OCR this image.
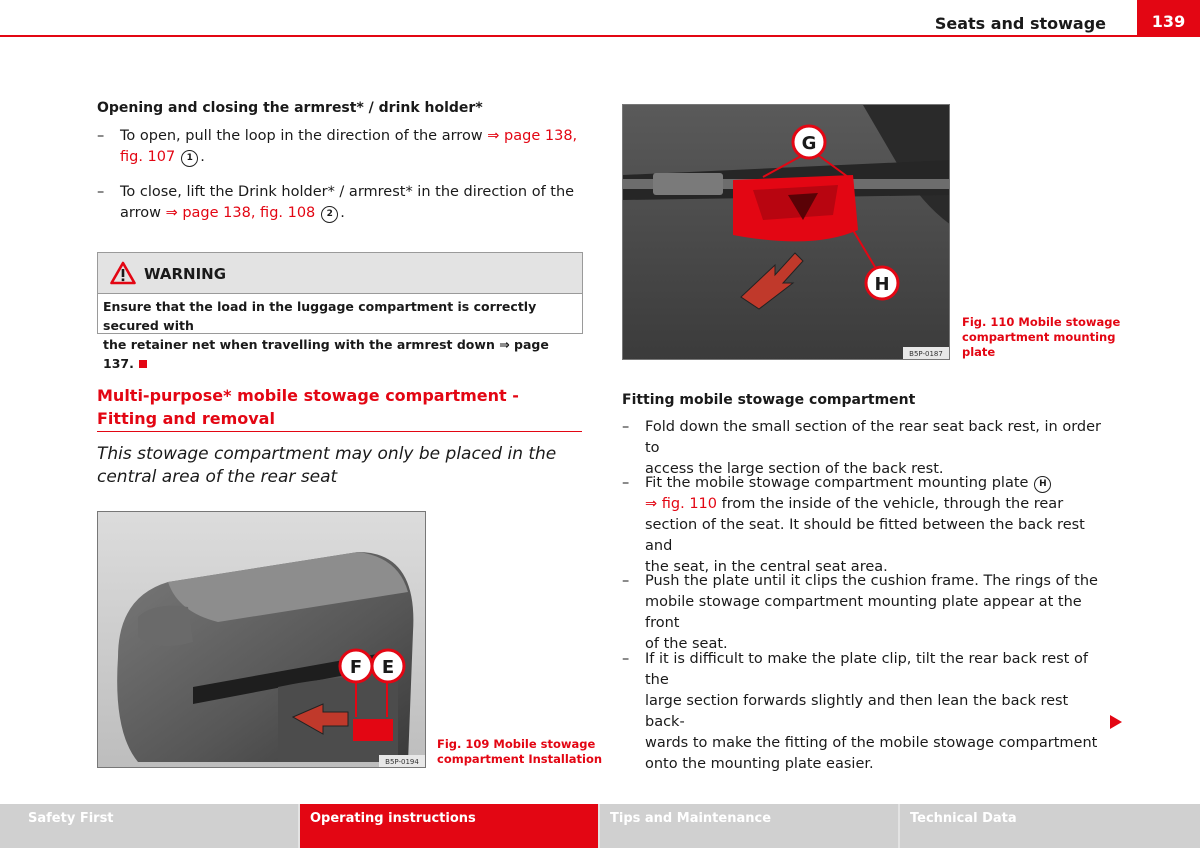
Seats and stowage	139
Opening and closing the armrest* / drink holder*
– To open, pull the loop in the direction of the arrow ⇒ page 138,
fig. 107 1 .
– To close, lift the Drink holder* / armrest* in the direction of the
arrow ⇒ page 138, fig. 108 2 .
WARNING
Ensure that the load in the luggage compartment is correctly secured with
the retainer net when travelling with the armrest down ⇒ page 137.
Multi-purpose* mobile stowage compartment - Fitting and removal
This stowage compartment may only be placed in the central area of the rear seat
F E
B5P-0194
Fig. 109 Mobile stowage
compartment Installation
G
H
B5P-0187
Fig. 110 Mobile stowage
compartment mounting
plate
Fitting mobile stowage compartment
– Fold down the small section of the rear seat back rest, in order to
access the large section of the back rest.
– Fit the mobile stowage compartment mounting plate H
⇒ fig. 110 from the inside of the vehicle, through the rear
section of the seat. It should be fitted between the back rest and
the seat, in the central seat area.
– Push the plate until it clips the cushion frame. The rings of the
mobile stowage compartment mounting plate appear at the front
of the seat.
– If it is difficult to make the plate clip, tilt the rear back rest of the
large section forwards slightly and then lean the back rest back-
wards to make the fitting of the mobile stowage compartment
onto the mounting plate easier.
Safety First	Operating instructions	Tips and Maintenance	Technical Data
